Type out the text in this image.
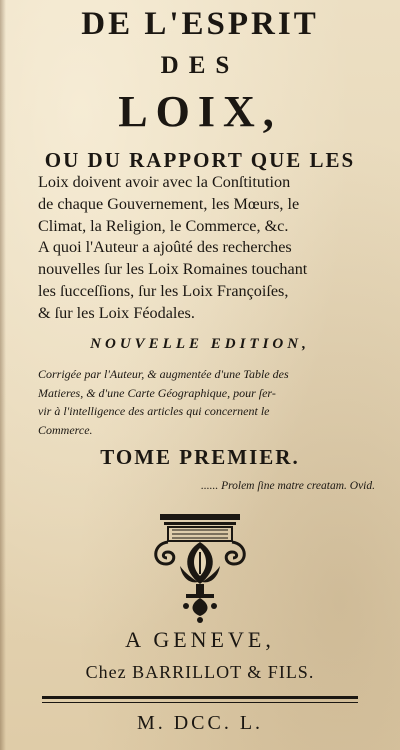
DE L'ESPRIT
DES
LOIX,
OU DU RAPPORT QUE LES
Loix doivent avoir avec la Conſtitution
de chaque Gouvernement, les Mœurs, le
Climat, la Religion, le Commerce, &c.
A quoi l'Auteur a ajoûté des recherches
nouvelles ſur les Loix Romaines touchant
les ſucceſſions, ſur les Loix Françoiſes,
& ſur les Loix Féodales.
NOUVELLE EDITION,
Corrigée par l'Auteur, & augmentée d'une Table des
Matieres, & d'une Carte Géographique, pour ſer-
vir à l'intelligence des articles qui concernent le
Commerce.
TOME PREMIER.
...... Prolem ſine matre creatam. Ovid.
A GENEVE,
Chez BARRILLOT & FILS.
M. DCC. L.
